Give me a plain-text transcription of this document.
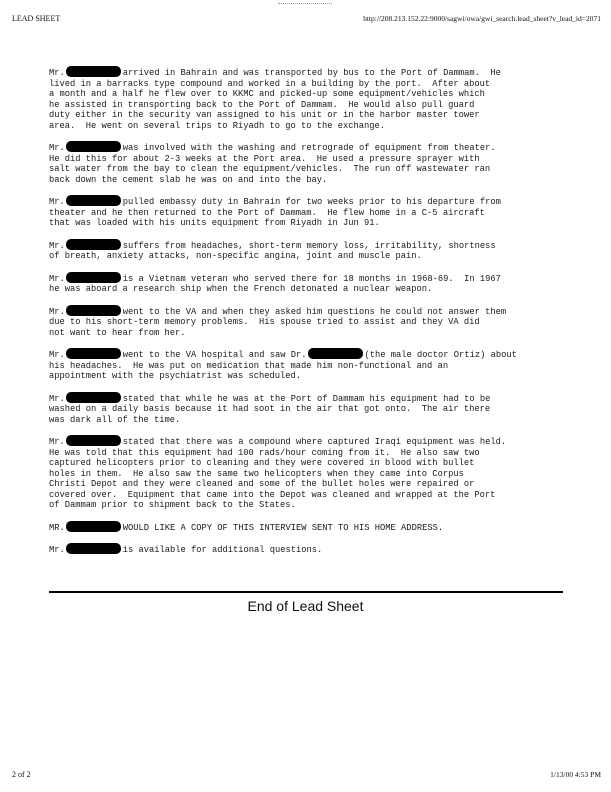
LEAD SHEET	http://208.213.152.22:9000/sagwi/owa/gwi_search.lead_sheet?v_lead_id=2071
Mr.	arrived in Bahrain and was transported by bus to the Port of Dammam.  He
lived in a barracks type compound and worked in a building by the port.  After about
a month and a half he flew over to KKMC and picked-up some equipment/vehicles which
he assisted in transporting back to the Port of Dammam.  He would also pull guard
duty either in the security van assigned to his unit or in the harbor master tower
area.  He went on several trips to Riyadh to go to the exchange.
Mr.	was involved with the washing and retrograde of equipment from theater.
He did this for about 2-3 weeks at the Port area.  He used a pressure sprayer with
salt water from the bay to clean the equipment/vehicles.  The run off wastewater ran
back down the cement slab he was on and into the bay.
Mr.	pulled embassy duty in Bahrain for two weeks prior to his departure from
theater and he then returned to the Port of Dammam.  He flew home in a C-5 aircraft
that was loaded with his units equipment from Riyadh in Jun 91.
Mr.	suffers from headaches, short-term memory loss, irritability, shortness
of breath, anxiety attacks, non-specific angina, joint and muscle pain.
Mr.	is a Vietnam veteran who served there for 18 months in 1968-69.  In 1967
he was aboard a research ship when the French detonated a nuclear weapon.
Mr.	went to the VA and when they asked him questions he could not answer them
due to his short-term memory problems.  His spouse tried to assist and they VA did
not want to hear from her.
Mr.	went to the VA hospital and saw Dr.	(the male doctor Ortiz) about
his headaches.  He was put on medication that made him non-functional and an
appointment with the psychiatrist was scheduled.
Mr.	stated that while he was at the Port of Dammam his equipment had to be
washed on a daily basis because it had soot in the air that got onto.  The air there
was dark all of the time.
Mr.	stated that there was a compound where captured Iraqi equipment was held.
He was told that this equipment had 100 rads/hour coming from it.  He also saw two
captured helicopters prior to cleaning and they were covered in blood with bullet
holes in them.  He also saw the same two helicopters when they came into Corpus
Christi Depot and they were cleaned and some of the bullet holes were repaired or
covered over.  Equipment that came into the Depot was cleaned and wrapped at the Port
of Dammam prior to shipment back to the States.
MR.	WOULD LIKE A COPY OF THIS INTERVIEW SENT TO HIS HOME ADDRESS.
Mr.	is available for additional questions.
End of Lead Sheet
2 of 2	1/13/00 4:53 PM
